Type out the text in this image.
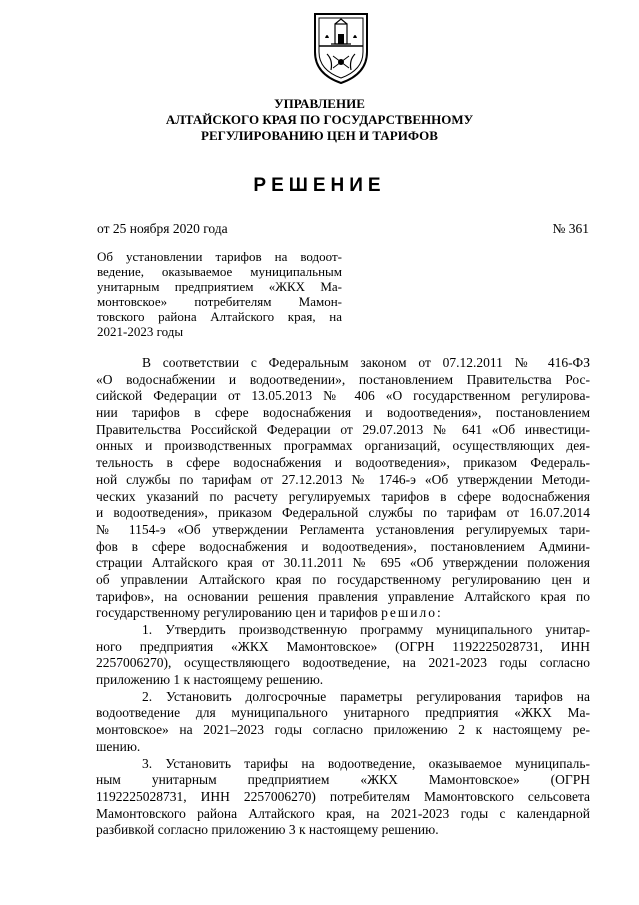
УПРАВЛЕНИЕ
АЛТАЙСКОГО КРАЯ ПО ГОСУДАРСТВЕННОМУ
РЕГУЛИРОВАНИЮ ЦЕН И ТАРИФОВ
РЕШЕНИЕ
от 25 ноября 2020 года	№ 361
Об установлении тарифов на водоот-
ведение, оказываемое муниципальным
унитарным предприятием «ЖКХ Ма-
монтовское» потребителям Мамон-
товского района Алтайского края, на
2021-2023 годы
В соответствии с Федеральным законом от 07.12.2011 № 416-ФЗ
«О водоснабжении и водоотведении», постановлением Правительства Рос-
сийской Федерации от 13.05.2013 № 406 «О государственном регулирова-
нии тарифов в сфере водоснабжения и водоотведения», постановлением
Правительства Российской Федерации от 29.07.2013 № 641 «Об инвестици-
онных и производственных программах организаций, осуществляющих дея-
тельность в сфере водоснабжения и водоотведения», приказом Федераль-
ной службы по тарифам от 27.12.2013 № 1746-э «Об утверждении Методи-
ческих указаний по расчету регулируемых тарифов в сфере водоснабжения
и водоотведения», приказом Федеральной службы по тарифам от 16.07.2014
№ 1154-э «Об утверждении Регламента установления регулируемых тари-
фов в сфере водоснабжения и водоотведения», постановлением Админи-
страции Алтайского края от 30.11.2011 № 695 «Об утверждении положения
об управлении Алтайского края по государственному регулированию цен и
тарифов», на основании решения правления управление Алтайского края по
государственному регулированию цен и тарифов решило:
1. Утвердить производственную программу муниципального унитар-
ного предприятия «ЖКХ Мамонтовское» (ОГРН 1192225028731, ИНН
2257006270), осуществляющего водоотведение, на 2021-2023 годы согласно
приложению 1 к настоящему решению.
2. Установить долгосрочные параметры регулирования тарифов на
водоотведение для муниципального унитарного предприятия «ЖКХ Ма-
монтовское» на 2021–2023 годы согласно приложению 2 к настоящему ре-
шению.
3. Установить тарифы на водоотведение, оказываемое муниципаль-
ным унитарным предприятием «ЖКХ Мамонтовское» (ОГРН
1192225028731, ИНН 2257006270) потребителям Мамонтовского сельсовета
Мамонтовского района Алтайского края, на 2021-2023 годы с календарной
разбивкой согласно приложению 3 к настоящему решению.
